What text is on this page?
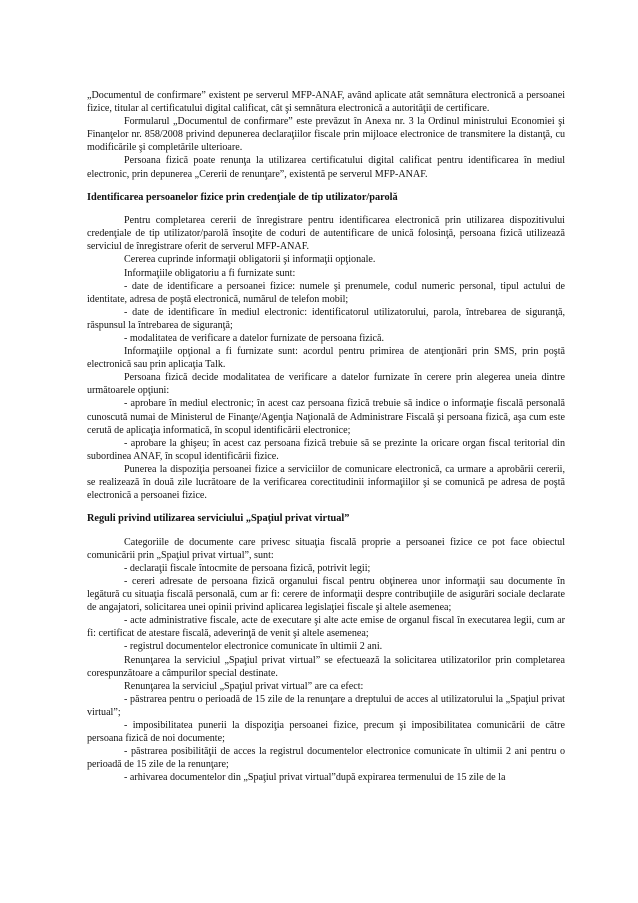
„Documentul de confirmare” existent pe serverul MFP-ANAF, având aplicate atât semnătura electronică a persoanei fizice, titular al certificatului digital calificat, cât şi semnătura electronică a autorităţii de certificare.

Formularul „Documentul de confirmare” este prevăzut în Anexa nr. 3 la Ordinul ministrului Economiei şi Finanţelor nr. 858/2008 privind depunerea declaraţiilor fiscale prin mijloace electronice de transmitere la distanţă, cu modificările şi completările ulterioare.

Persoana fizică poate renunţa la utilizarea certificatului digital calificat pentru identificarea în mediul electronic, prin depunerea „Cererii de renunţare”, existentă pe serverul MFP-ANAF.

Identificarea persoanelor fizice prin credenţiale de tip utilizator/parolă

Pentru completarea cererii de înregistrare pentru identificarea electronică prin utilizarea dispozitivului credenţiale de tip utilizator/parolă însoţite de coduri de autentificare de unică folosinţă, persoana fizică utilizează serviciul de înregistrare oferit de serverul MFP-ANAF.

Cererea cuprinde informaţii obligatorii şi informaţii opţionale.

Informaţiile obligatoriu a fi furnizate sunt:

- date de identificare a persoanei fizice: numele şi prenumele, codul numeric personal, tipul actului de identitate, adresa de poştă electronică, numărul de telefon mobil;

- date de identificare în mediul electronic: identificatorul utilizatorului, parola, întrebarea de siguranţă, răspunsul la întrebarea de siguranţă;

- modalitatea de verificare a datelor furnizate de persoana fizică.

Informaţiile opţional a fi furnizate sunt: acordul pentru primirea de atenţionări prin SMS, prin poştă electronică sau prin aplicaţia Talk.

Persoana fizică decide modalitatea de verificare a datelor furnizate în cerere prin alegerea uneia dintre următoarele opţiuni:

- aprobare în mediul electronic; în acest caz persoana fizică trebuie să indice o informaţie fiscală personală cunoscută numai de Ministerul de Finanţe/Agenţia Naţională de Administrare Fiscală şi persoana fizică, aşa cum este cerută de aplicaţia informatică, în scopul identificării electronice;

- aprobare la ghişeu; în acest caz persoana fizică trebuie să se prezinte la oricare organ fiscal teritorial din subordinea ANAF, în scopul identificării fizice.

Punerea la dispoziţia persoanei fizice a serviciilor de comunicare electronică, ca urmare a aprobării cererii, se realizează în două zile lucrătoare de la verificarea corectitudinii informaţiilor şi se comunică pe adresa de poştă electronică a persoanei fizice.

Reguli privind utilizarea serviciului „Spaţiul privat virtual”

Categoriile de documente care privesc situaţia fiscală proprie a persoanei fizice ce pot face obiectul comunicării prin „Spaţiul privat virtual”, sunt:

- declaraţii fiscale întocmite de persoana fizică, potrivit legii;

- cereri adresate de persoana fizică organului fiscal pentru obţinerea unor informaţii sau documente în legătură cu situaţia fiscală personală, cum ar fi: cerere de informaţii despre contribuţiile de asigurări sociale declarate de angajatori, solicitarea unei opinii privind aplicarea legislaţiei fiscale şi altele asemenea;

- acte administrative fiscale, acte de executare şi alte acte emise de organul fiscal în executarea legii, cum ar fi: certificat de atestare fiscală, adeverinţă de venit şi altele asemenea;

- registrul documentelor electronice comunicate în ultimii 2 ani.

Renunţarea la serviciul „Spaţiul privat virtual” se efectuează la solicitarea utilizatorilor prin completarea corespunzătoare a câmpurilor special destinate.

Renunţarea la serviciul „Spaţiul privat virtual” are ca efect:

- păstrarea pentru o perioadă de 15 zile de la renunţare a dreptului de acces al utilizatorului la „Spaţiul privat virtual”;

- imposibilitatea punerii la dispoziţia persoanei fizice, precum şi imposibilitatea comunicării de către persoana fizică de noi documente;

- păstrarea posibilităţii de acces la registrul documentelor electronice comunicate în ultimii 2 ani pentru o perioadă de 15 zile de la renunţare;

- arhivarea documentelor din „Spaţiul privat virtual”după expirarea termenului de 15 zile de la
